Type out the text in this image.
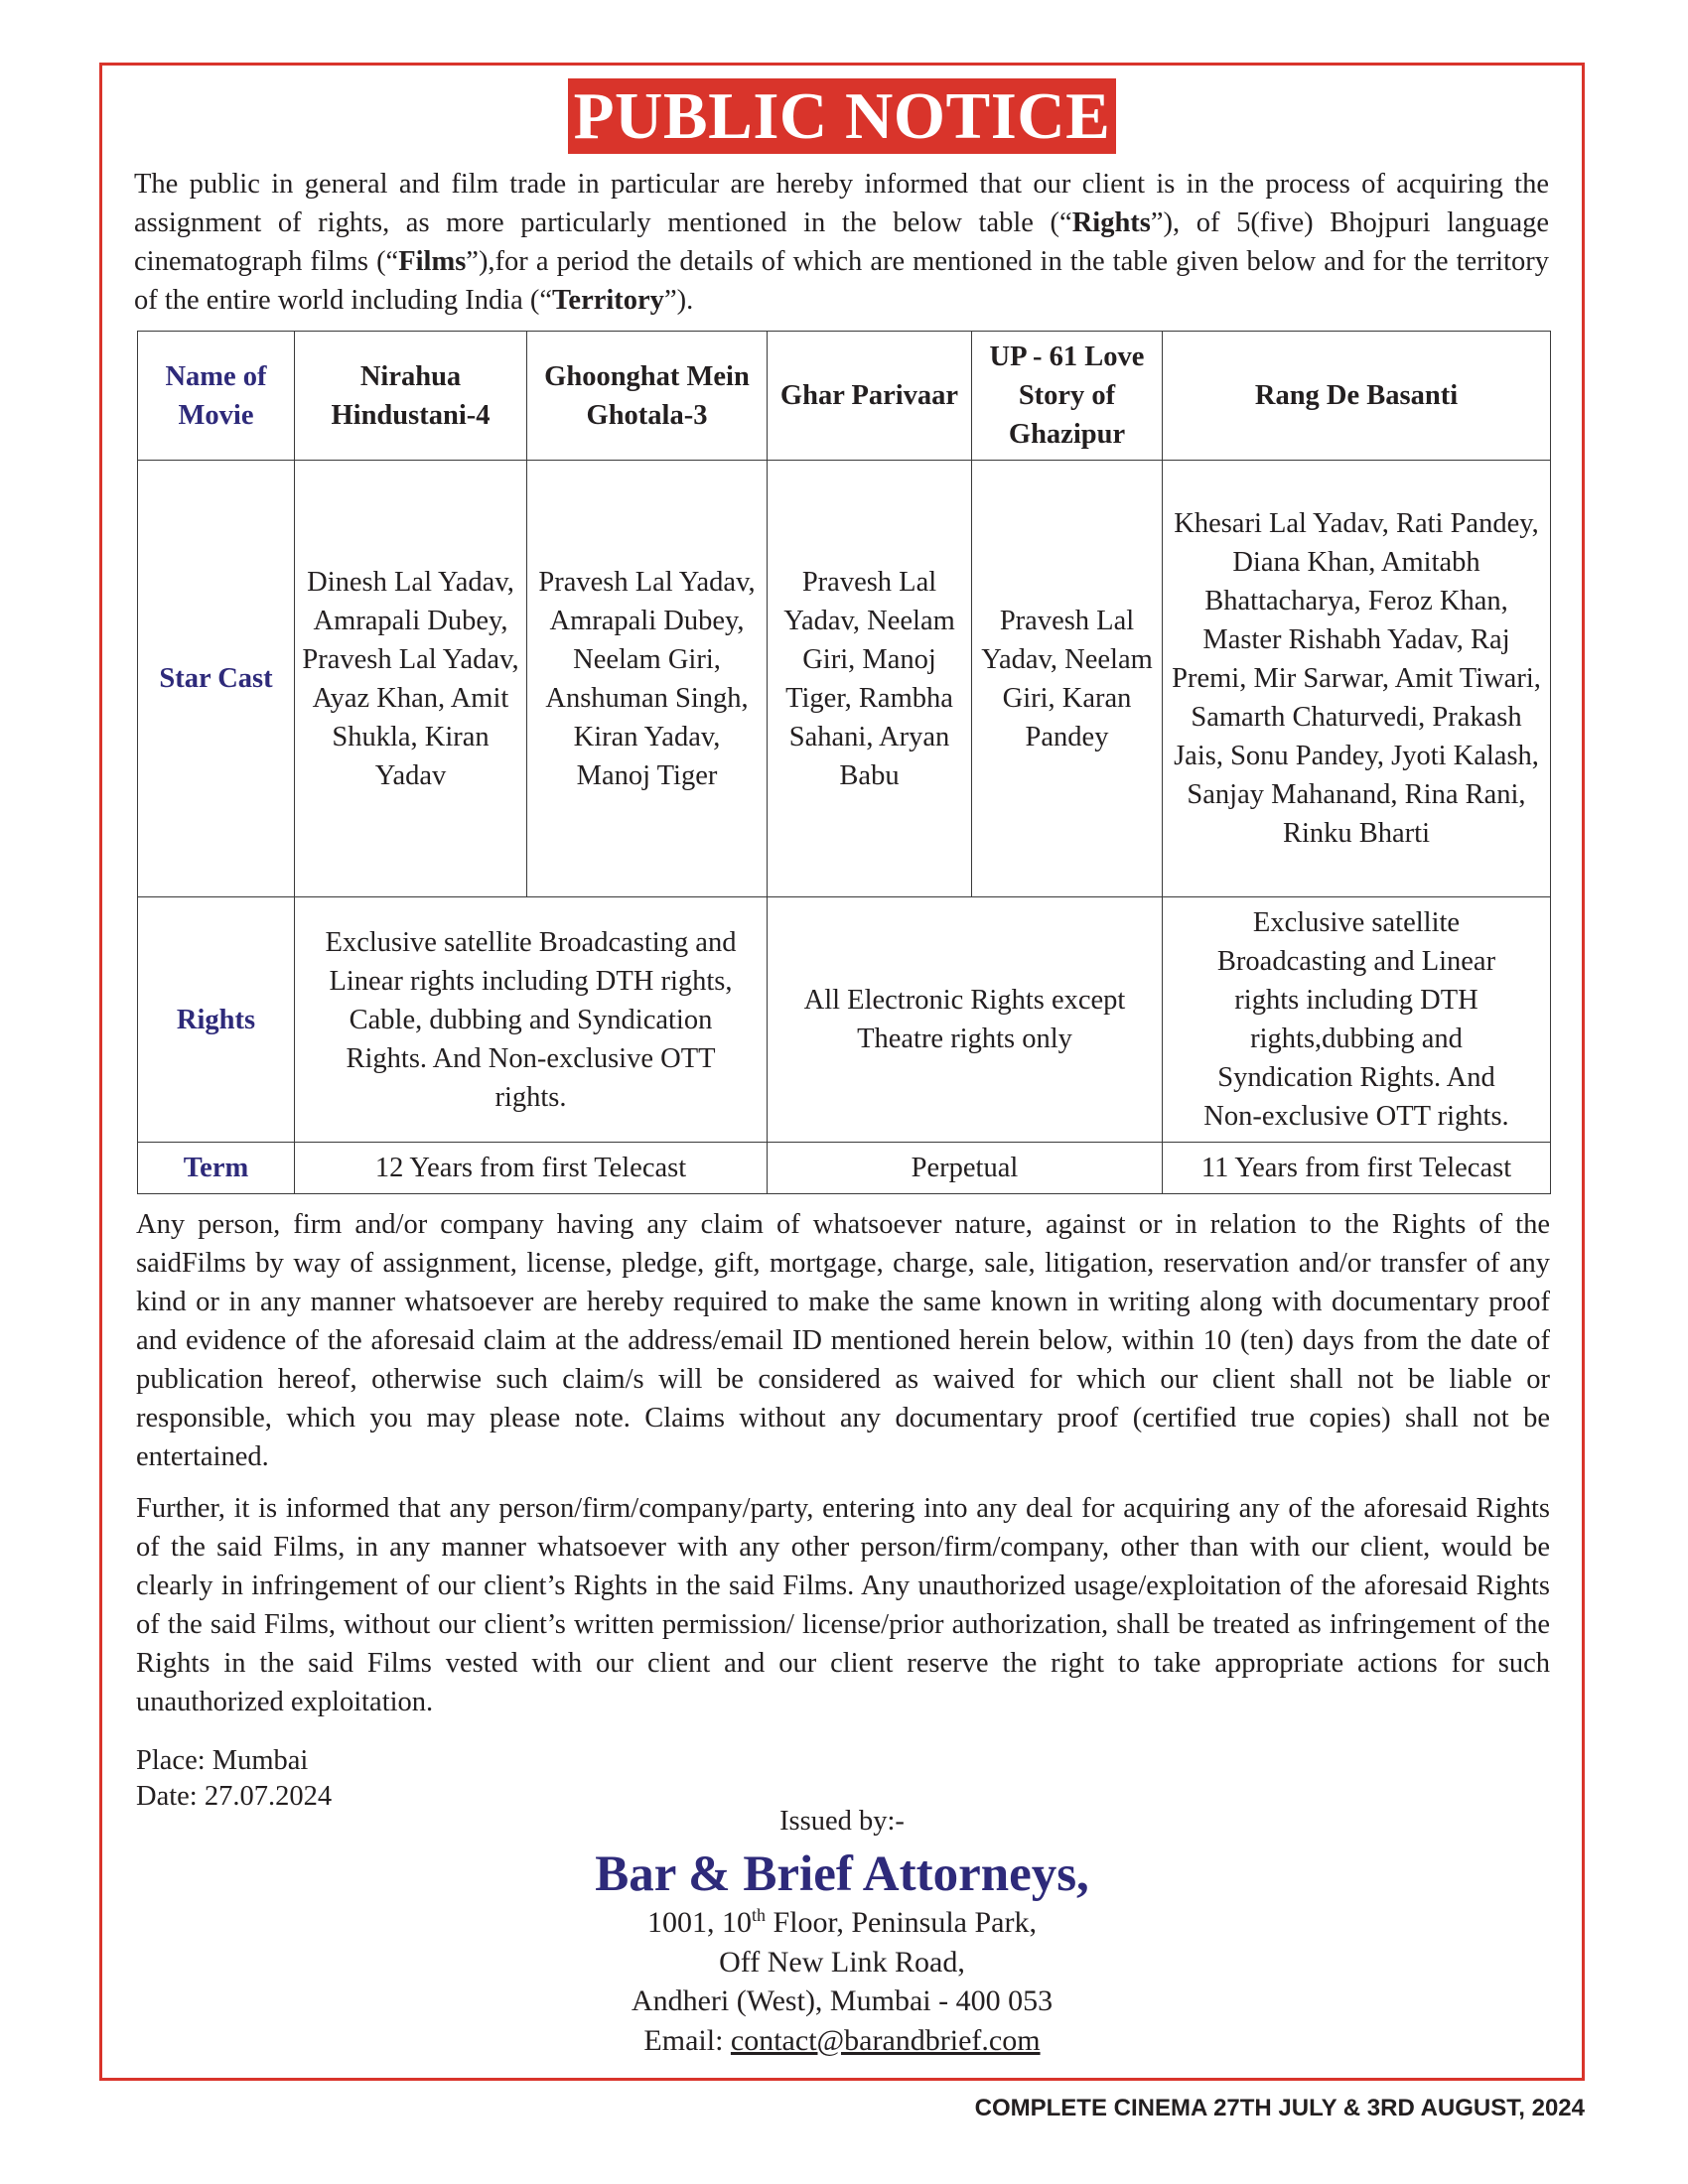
PUBLIC NOTICE

The public in general and film trade in particular are hereby informed that our client is in the process of acquiring the assignment of rights, as more particularly mentioned in the below table (“Rights”), of 5(five) Bhojpuri language cinematograph films (“Films”),for a period the details of which are mentioned in the table given below and for the territory of the entire world including India (“Territory”).

Name of Movie	Nirahua Hindustani-4	Ghoonghat Mein Ghotala-3	Ghar Parivaar	UP - 61 Love Story of Ghazipur	Rang De Basanti
Star Cast	Dinesh Lal Yadav, Amrapali Dubey, Pravesh Lal Yadav, Ayaz Khan, Amit Shukla, Kiran Yadav	Pravesh Lal Yadav, Amrapali Dubey, Neelam Giri, Anshuman Singh, Kiran Yadav, Manoj Tiger	Pravesh Lal Yadav, Neelam Giri, Manoj Tiger, Rambha Sahani, Aryan Babu	Pravesh Lal Yadav, Neelam Giri, Karan Pandey	Khesari Lal Yadav, Rati Pandey, Diana Khan, Amitabh Bhattacharya, Feroz Khan, Master Rishabh Yadav, Raj Premi, Mir Sarwar, Amit Tiwari, Samarth Chaturvedi, Prakash Jais, Sonu Pandey, Jyoti Kalash, Sanjay Mahanand, Rina Rani, Rinku Bharti
Rights	Exclusive satellite Broadcasting and Linear rights including DTH rights, Cable, dubbing and Syndication Rights. And Non-exclusive OTT rights.		All Electronic Rights except Theatre rights only		Exclusive satellite Broadcasting and Linear rights including DTH rights,dubbing and Syndication Rights. And Non-exclusive OTT rights.
Term	12 Years from first Telecast		Perpetual		11 Years from first Telecast

Any person, firm and/or company having any claim of whatsoever nature, against or in relation to the Rights of the saidFilms by way of assignment, license, pledge, gift, mortgage, charge, sale, litigation, reservation and/or transfer of any kind or in any manner whatsoever are hereby required to make the same known in writing along with documentary proof and evidence of the aforesaid claim at the address/email ID mentioned herein below, within 10 (ten) days from the date of publication hereof, otherwise such claim/s will be considered as waived for which our client shall not be liable or responsible, which you may please note. Claims without any documentary proof (certified true copies) shall not be entertained.

Further, it is informed that any person/firm/company/party, entering into any deal for acquiring any of the aforesaid Rights of the said Films, in any manner whatsoever with any other person/firm/company, other than with our client, would be clearly in infringement of our client’s Rights in the said Films. Any unauthorized usage/exploitation of the aforesaid Rights of the said Films, without our client’s written permission/ license/prior authorization, shall be treated as infringement of the Rights in the said Films vested with our client and our client reserve the right to take appropriate actions for such unauthorized exploitation.

Place: Mumbai
Date: 27.07.2024
Issued by:-
Bar & Brief Attorneys,
1001, 10th Floor, Peninsula Park,
Off New Link Road,
Andheri (West), Mumbai - 400 053
Email: contact@barandbrief.com
COMPLETE CINEMA 27TH JULY & 3RD AUGUST, 2024
